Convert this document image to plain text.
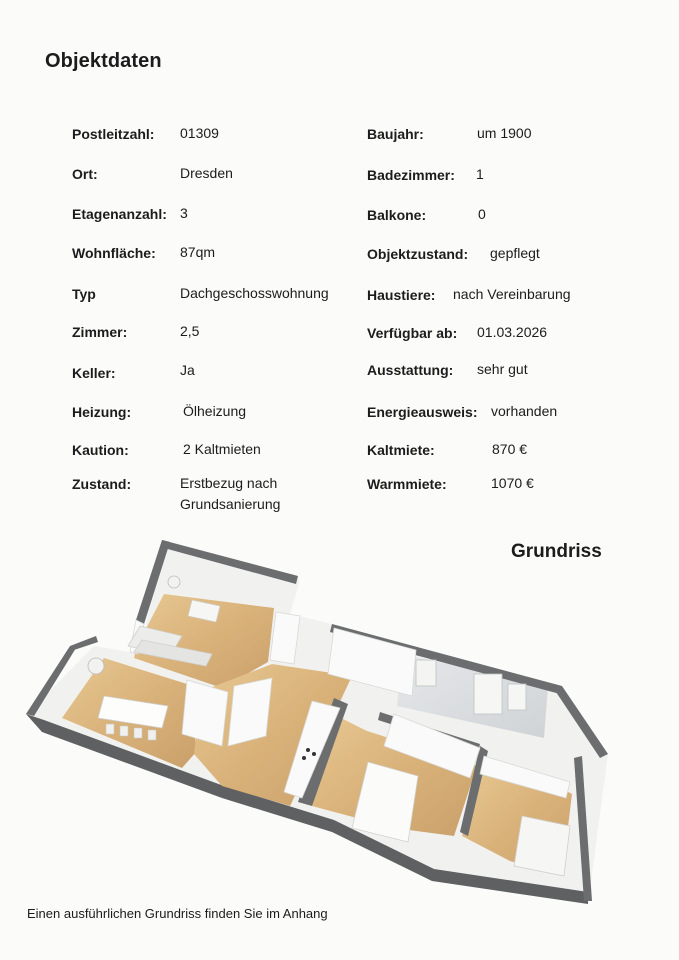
Objektdaten
Postleitzahl: 01309
Ort:	Dresden
Etagenanzahl: 3
Wohnfläche: 87qm
Typ	Dachgeschosswohnung
Zimmer:	2,5
Keller:	Ja
Heizung:	Ölheizung
Kaution:	2 Kaltmieten
Zustand:	Erstbezug nach Grundsanierung
Baujahr:	um 1900
Badezimmer: 1
Balkone:	0
Objektzustand: gepflegt
Haustiere: nach Vereinbarung
Verfügbar ab: 01.03.2026
Ausstattung: sehr gut
Energieausweis: vorhanden
Kaltmiete:	870 €
Warmmiete:	1070 €
Grundriss
Einen ausführlichen Grundriss finden Sie im Anhang
